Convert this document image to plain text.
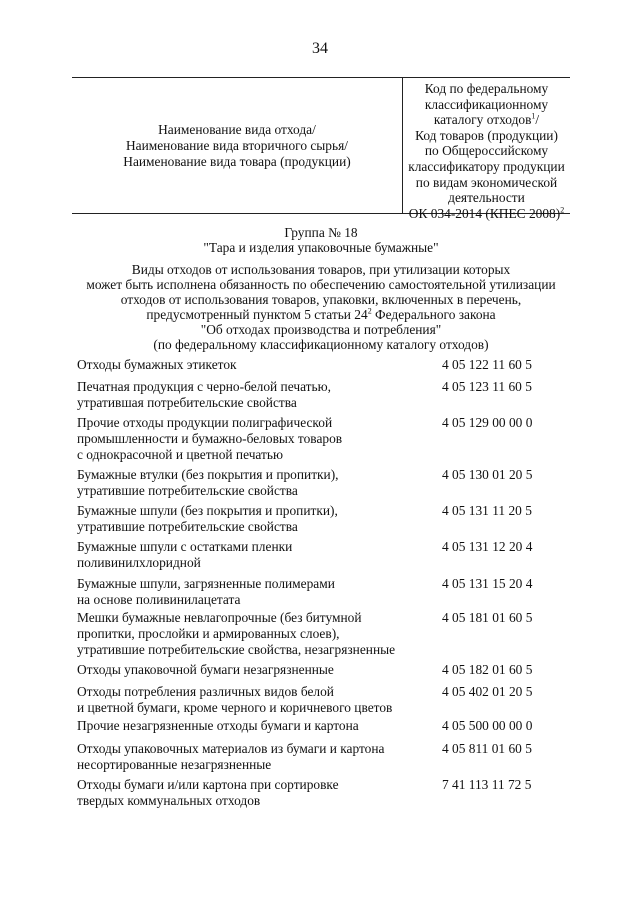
34
Наименование вида отхода/
Наименование вида вторичного сырья/
Наименование вида товара (продукции)
Код по федеральному
классификационному
каталогу отходов$^1$/
Код товаров (продукции)
по Общероссийскому
классификатору продукции
по видам экономической
деятельности
ОК 034-2014 (КПЕС 2008)$^2$
Группа № 18
"Тара и изделия упаковочные бумажные"
Виды отходов от использования товаров, при утилизации которых
может быть исполнена обязанность по обеспечению самостоятельной утилизации
отходов от использования товаров, упаковки, включенных в перечень,
предусмотренный пунктом 5 статьи $24^2$ Федерального закона
"Об отходах производства и потребления"
(по федеральному классификационному каталогу отходов)
Отходы бумажных этикеток	4 05 122 11 60 5
Печатная продукция с черно-белой печатью,
утратившая потребительские свойства
4 05 123 11 60 5
Прочие отходы продукции полиграфической
промышленности и бумажно-беловых товаров
с однокрасочной и цветной печатью
4 05 129 00 00 0
Бумажные втулки (без покрытия и пропитки),
утратившие потребительские свойства
4 05 130 01 20 5
Бумажные шпули (без покрытия и пропитки),
утратившие потребительские свойства
4 05 131 11 20 5
Бумажные шпули с остатками пленки
поливинилхлоридной
4 05 131 12 20 4
Бумажные шпули, загрязненные полимерами
на основе поливинилацетата
4 05 131 15 20 4
Мешки бумажные невлагопрочные (без битумной
пропитки, прослойки и армированных слоев),
утратившие потребительские свойства, незагрязненные
4 05 181 01 60 5
Отходы упаковочной бумаги незагрязненные	4 05 182 01 60 5
Отходы потребления различных видов белой
и цветной бумаги, кроме черного и коричневого цветов
4 05 402 01 20 5
Прочие незагрязненные отходы бумаги и картона	4 05 500 00 00 0
Отходы упаковочных материалов из бумаги и картона
несортированные незагрязненные
4 05 811 01 60 5
Отходы бумаги и/или картона при сортировке
твердых коммунальных отходов
7 41 113 11 72 5
